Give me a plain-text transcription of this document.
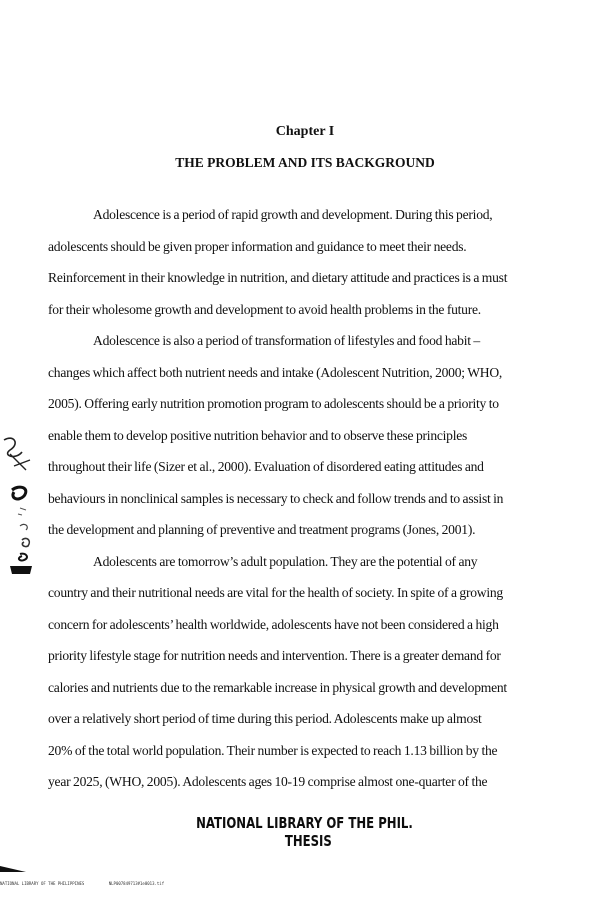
Chapter I
THE PROBLEM AND ITS BACKGROUND
Adolescence is a period of rapid growth and development. During this period,
adolescents should be given proper information and guidance to meet their needs.
Reinforcement in their knowledge in nutrition, and dietary attitude and practices is a must
for their wholesome growth and development to avoid health problems in the future.
Adolescence is also a period of transformation of lifestyles and food habit –
changes which affect both nutrient needs and intake (Adolescent Nutrition, 2000; WHO,
2005). Offering early nutrition promotion program to adolescents should be a priority to
enable them to develop positive nutrition behavior and to observe these principles
throughout their life (Sizer et al., 2000). Evaluation of disordered eating attitudes and
behaviours in nonclinical samples is necessary to check and follow trends and to assist in
the development and planning of preventive and treatment programs (Jones, 2001).
Adolescents are tomorrow’s adult population. They are the potential of any
country and their nutritional needs are vital for the health of society. In spite of a growing
concern for adolescents’ health worldwide, adolescents have not been considered a high
priority lifestyle stage for nutrition needs and intervention. There is a greater demand for
calories and nutrients due to the remarkable increase in physical growth and development
over a relatively short period of time during this period. Adolescents make up almost
20% of the total world population. Their number is expected to reach 1.13 billion by the
year 2025, (WHO, 2005). Adolescents ages 10-19 comprise almost one-quarter of the
NATIONAL LIBRARY OF THE PHIL.
THESIS
NATIONAL LIBRARY OF THE PHILIPPINES	NLP007849713#1e0013.tif
